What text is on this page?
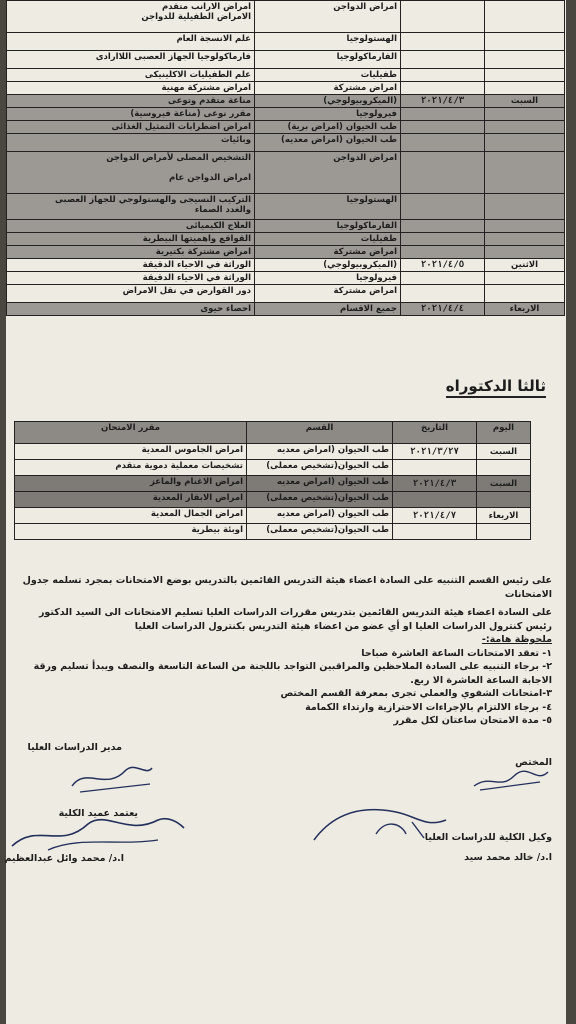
		امراض الدواجن	امراض الارانب متقدم
الامراض الطفيلية للدواجن
		الهستولوجيا	علم الانسجة العام
		الفارماكولوجيا	فارماكولوجيا الجهاز العصبى اللاارادى
		طفيليات	علم الطفيليات الاكلينيكى
		امراض مشتركة	امراض مشتركة مهنية
السبت	٢٠٢١/٤/٣	(الميكروبيولوجي)	مناعة متقدم وتوعى
		فيرولوجيا	مقرر نوعى (مناعة فيروسية)
		طب الحيوان (امراض برية)	امراض اضطرابات التمثيل الغذائى
		طب الحيوان (امراض معديه)	وبائيات
		امراض الدواجن	التشخيص المصلى لأمراض الدواجن

امراض الدواجن عام
		الهستولوجيا	التركيب النسيجى والهستولوجي للجهاز العصبى
والغدد الصماء
		الفارماكولوجيا	العلاج الكيميائى
		طفيليات	القواقع واهميتها البيطرية
		امراض مشتركة	امراض مشتركة بكتيرية
الاثنين	٢٠٢١/٤/٥	(الميكروبيولوجي)	الوراثة في الاحياء الدقيقة
		فيرولوجيا	الوراثة في الاحياء الدقيقة
		امراض مشتركة	دور القوارض في نقل الامراض
الاربعاء	٢٠٢١/٤/٤	جميع الاقسام	احصاء حيوى
ثالثا الدكتوراه
اليوم	التاريخ	القسم	مقرر الامتحان
السبت	٢٠٢١/٣/٢٧	طب الحيوان (امراض معديه	امراض الجاموس المعدية
		طب الحيوان(تشخيص معملى)	تشخيصات معملية دموية متقدم
السبت	٢٠٢١/٤/٣	طب الحيوان (امراض معديه	امراض الاغنام والماعز
		طب الحيوان(تشخيص معملى)	امراض الابقار المعدية
الاربعاء	٢٠٢١/٤/٧	طب الحيوان (امراض معديه	امراض الجمال المعدية
		طب الحيوان(تشخيص معملى)	اوبئة بيطرية

على رئيس القسم التنبيه على السادة اعضاء هيئة التدريس القائمين بالتدريس بوضع الامتحانات بمجرد تسلمه جدول الامتحانات

على السادة اعضاء هيئة التدريس القائمين بتدريس مقررات الدراسات العليا تسليم الامتحانات الى السيد الدكتور رئيس كنترول الدراسات العليا او أي عضو من اعضاء هيئة التدريس بكنترول الدراسات العليا

ملحوظة هامة:-

١- تعقد الامتحانات الساعة العاشرة صباحا

٢- برجاء التنبيه على السادة الملاحظين والمراقبين التواجد باللجنة من الساعة التاسعة والنصف ويبدأ تسليم ورقة الاجابة الساعة العاشرة الا ربع.

٣-امتحانات الشفوي والعملي تجرى بمعرفة القسم المختص

٤- برجاء الالتزام بالإجراءات الاحترازية وارتداء الكمامة

٥- مدة الامتحان ساعتان لكل مقرر

المختص
وكيل الكلية للدراسات العليا
ا.د/ خالد محمد سيد
مدير الدراسات العليا
يعتمد عميد الكلية
ا.د/ محمد وائل عبدالعظيم
